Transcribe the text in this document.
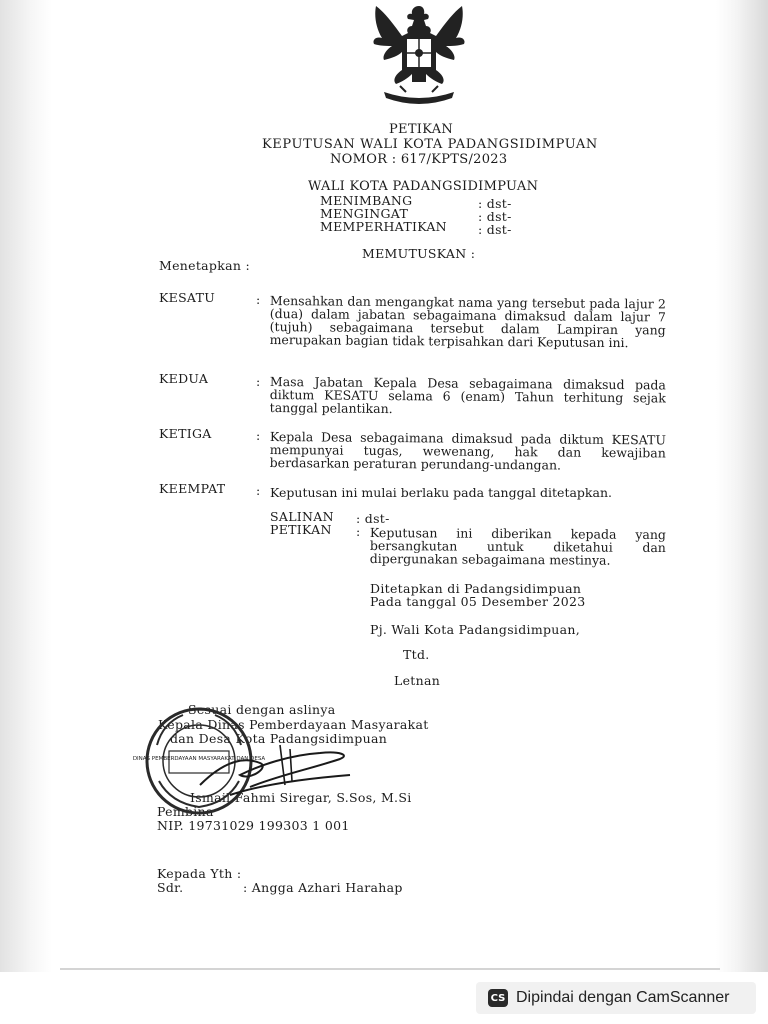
PETIKAN
KEPUTUSAN WALI KOTA PADANGSIDIMPUAN
NOMOR : 617/KPTS/2023
WALI KOTA PADANGSIDIMPUAN
MENIMBANG	: dst-
MENGINGAT	: dst-
MEMPERHATIKAN : dst-
MEMUTUSKAN :
Menetapkan :
KESATU	: Mensahkan dan mengangkat nama yang tersebut pada lajur 2 (dua) dalam jabatan sebagaimana dimaksud dalam lajur 7 (tujuh) sebagaimana tersebut dalam Lampiran yang merupakan bagian tidak terpisahkan dari Keputusan ini.
KEDUA	: Masa Jabatan Kepala Desa sebagaimana dimaksud pada diktum KESATU selama 6 (enam) Tahun terhitung sejak tanggal pelantikan.
KETIGA	: Kepala Desa sebagaimana dimaksud pada diktum KESATU mempunyai tugas, wewenang, hak dan kewajiban berdasarkan peraturan perundang-undangan.
KEEMPAT : Keputusan ini mulai berlaku pada tanggal ditetapkan.
SALINAN : dst-
PETIKAN : Keputusan ini diberikan kepada yang bersangkutan untuk diketahui dan dipergunakan sebagaimana mestinya.
Ditetapkan di Padangsidimpuan
Pada tanggal 05 Desember 2023
Pj. Wali Kota Padangsidimpuan,
Ttd.
Letnan
Sesuai dengan aslinya
Kepala Dinas Pemberdayaan Masyarakat
dan Desa Kota Padangsidimpuan
Ismail Fahmi Siregar, S.Sos, M.Si
Pembina
NIP. 19731029 199303 1 001
DINAS PEMBERDAYAAN MASYARAKAT DAN DESA
Kepada Yth :
Sdr.	: Angga Azhari Harahap
CS Dipindai dengan CamScanner
